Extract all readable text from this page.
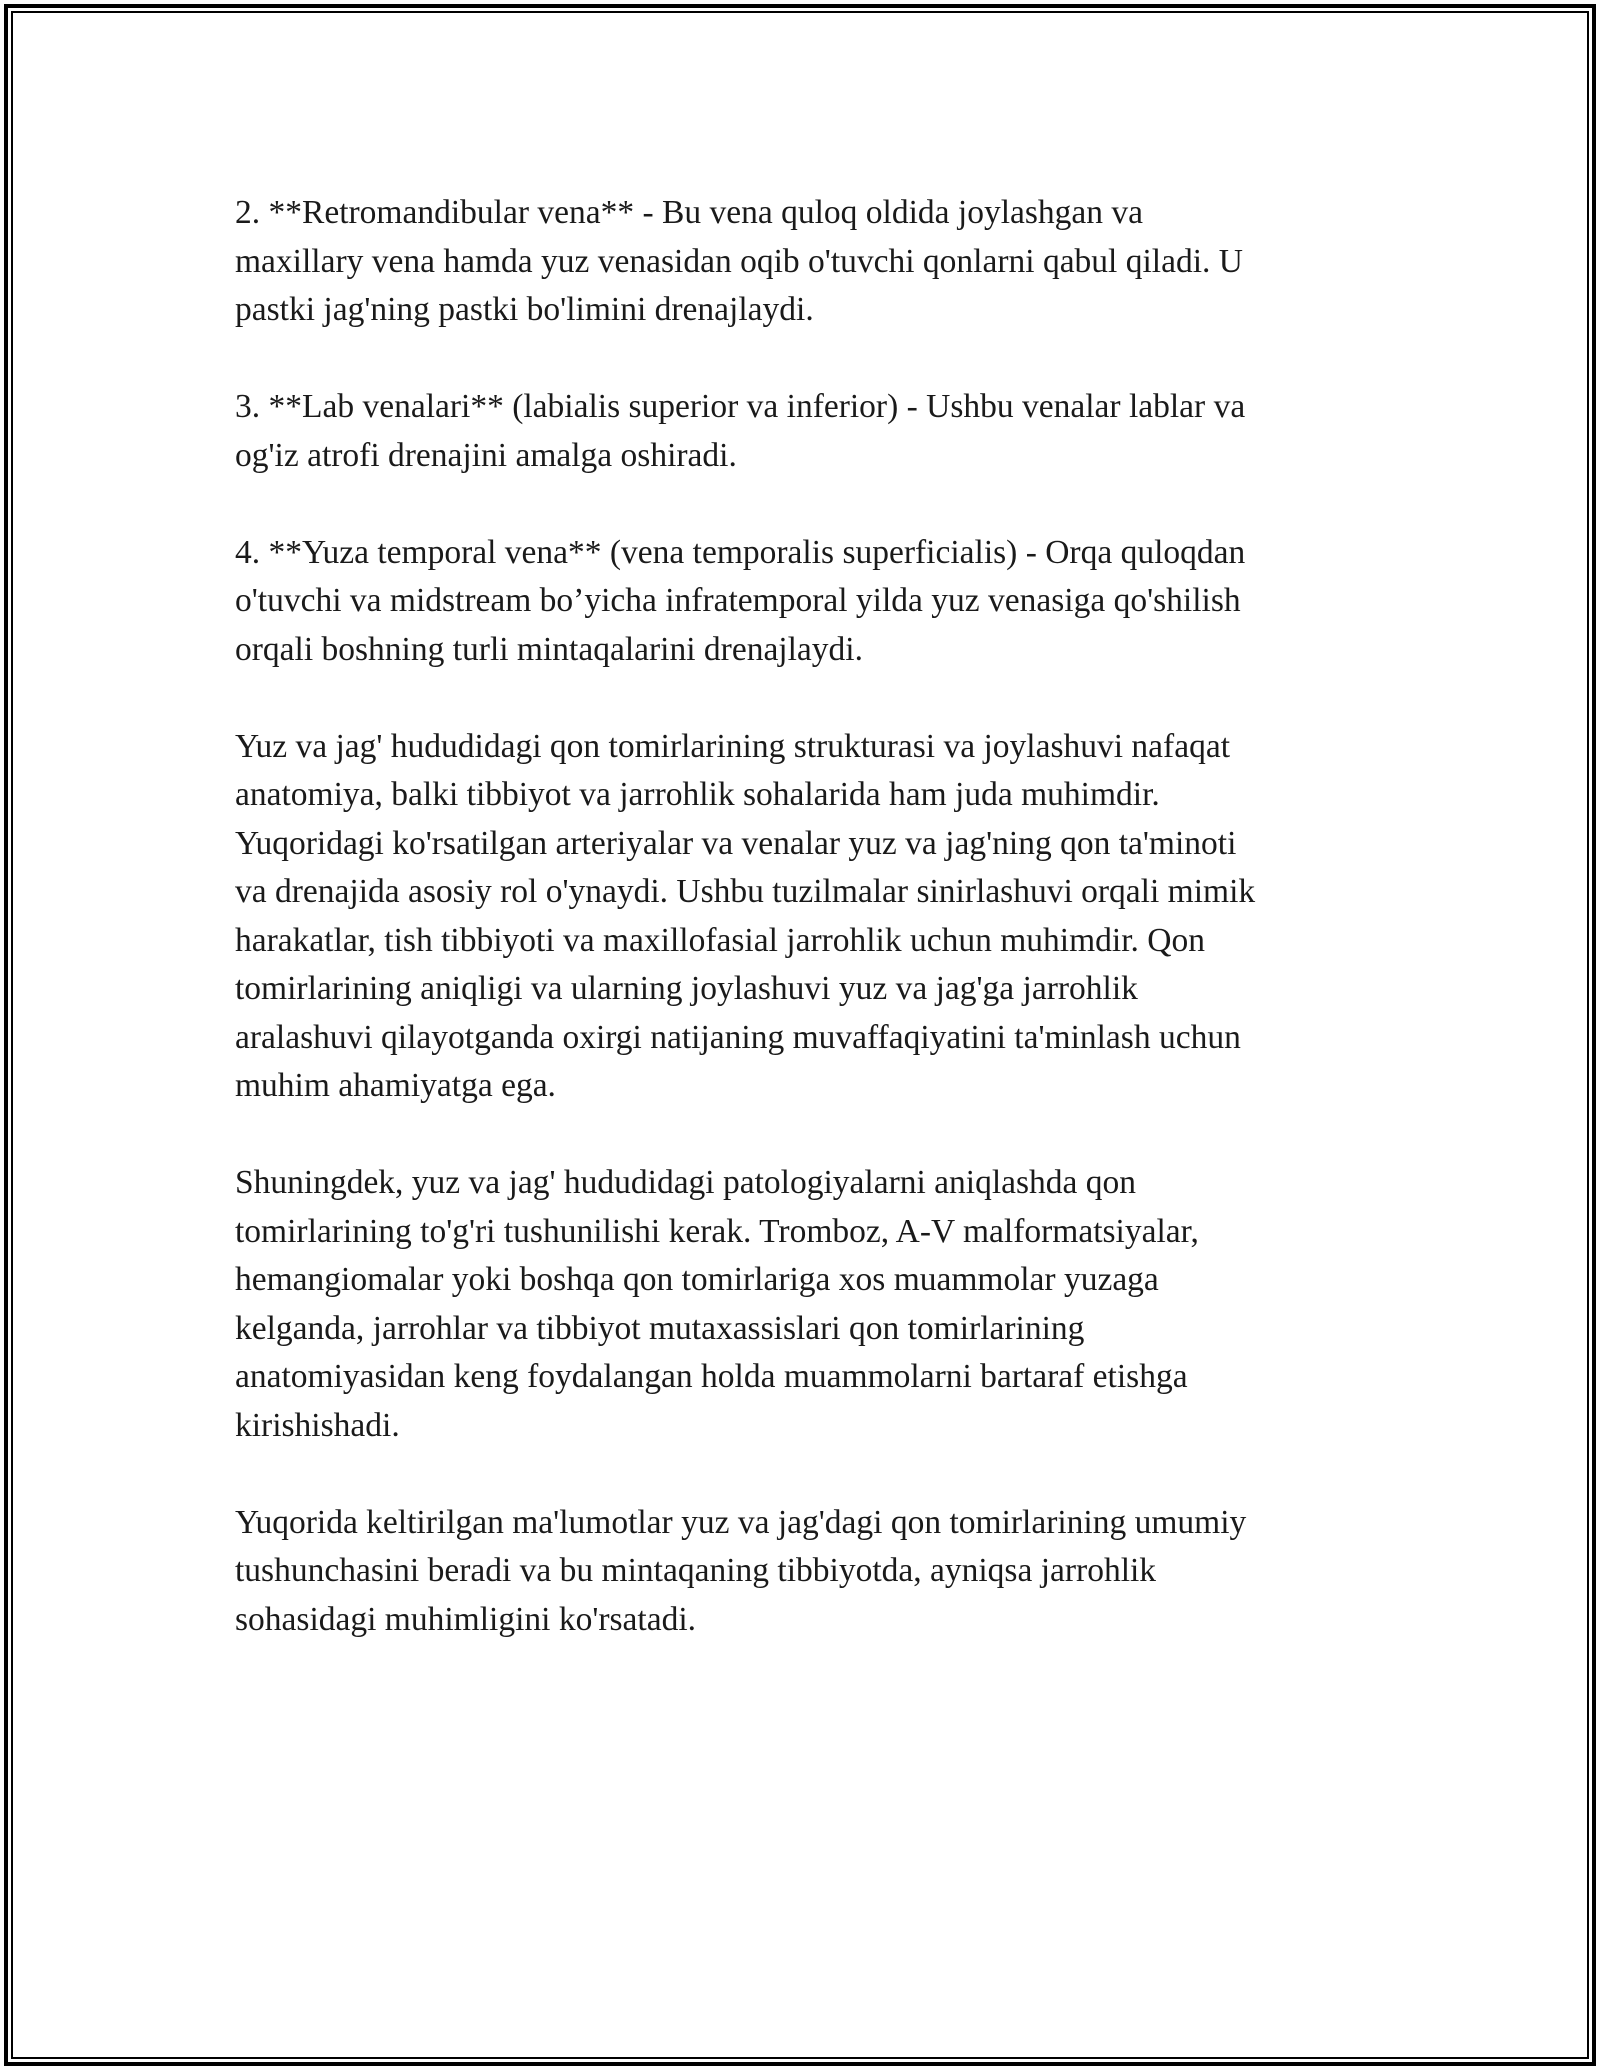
2. **Retromandibular vena** - Bu vena quloq oldida joylashgan va
maxillary vena hamda yuz venasidan oqib o'tuvchi qonlarni qabul qiladi. U
pastki jag'ning pastki bo'limini drenajlaydi.

3. **Lab venalari** (labialis superior va inferior) - Ushbu venalar lablar va
og'iz atrofi drenajini amalga oshiradi.

4. **Yuza temporal vena** (vena temporalis superficialis) - Orqa quloqdan
o'tuvchi va midstream bo’yicha infratemporal yilda yuz venasiga qo'shilish
orqali boshning turli mintaqalarini drenajlaydi.

Yuz va jag' hududidagi qon tomirlarining strukturasi va joylashuvi nafaqat
anatomiya, balki tibbiyot va jarrohlik sohalarida ham juda muhimdir.
Yuqoridagi ko'rsatilgan arteriyalar va venalar yuz va jag'ning qon ta'minoti
va drenajida asosiy rol o'ynaydi. Ushbu tuzilmalar sinirlashuvi orqali mimik
harakatlar, tish tibbiyoti va maxillofasial jarrohlik uchun muhimdir. Qon
tomirlarining aniqligi va ularning joylashuvi yuz va jag'ga jarrohlik
aralashuvi qilayotganda oxirgi natijaning muvaffaqiyatini ta'minlash uchun
muhim ahamiyatga ega.

Shuningdek, yuz va jag' hududidagi patologiyalarni aniqlashda qon
tomirlarining to'g'ri tushunilishi kerak. Tromboz, A-V malformatsiyalar,
hemangiomalar yoki boshqa qon tomirlariga xos muammolar yuzaga
kelganda, jarrohlar va tibbiyot mutaxassislari qon tomirlarining
anatomiyasidan keng foydalangan holda muammolarni bartaraf etishga
kirishishadi.

Yuqorida keltirilgan ma'lumotlar yuz va jag'dagi qon tomirlarining umumiy
tushunchasini beradi va bu mintaqaning tibbiyotda, ayniqsa jarrohlik
sohasidagi muhimligini ko'rsatadi.
